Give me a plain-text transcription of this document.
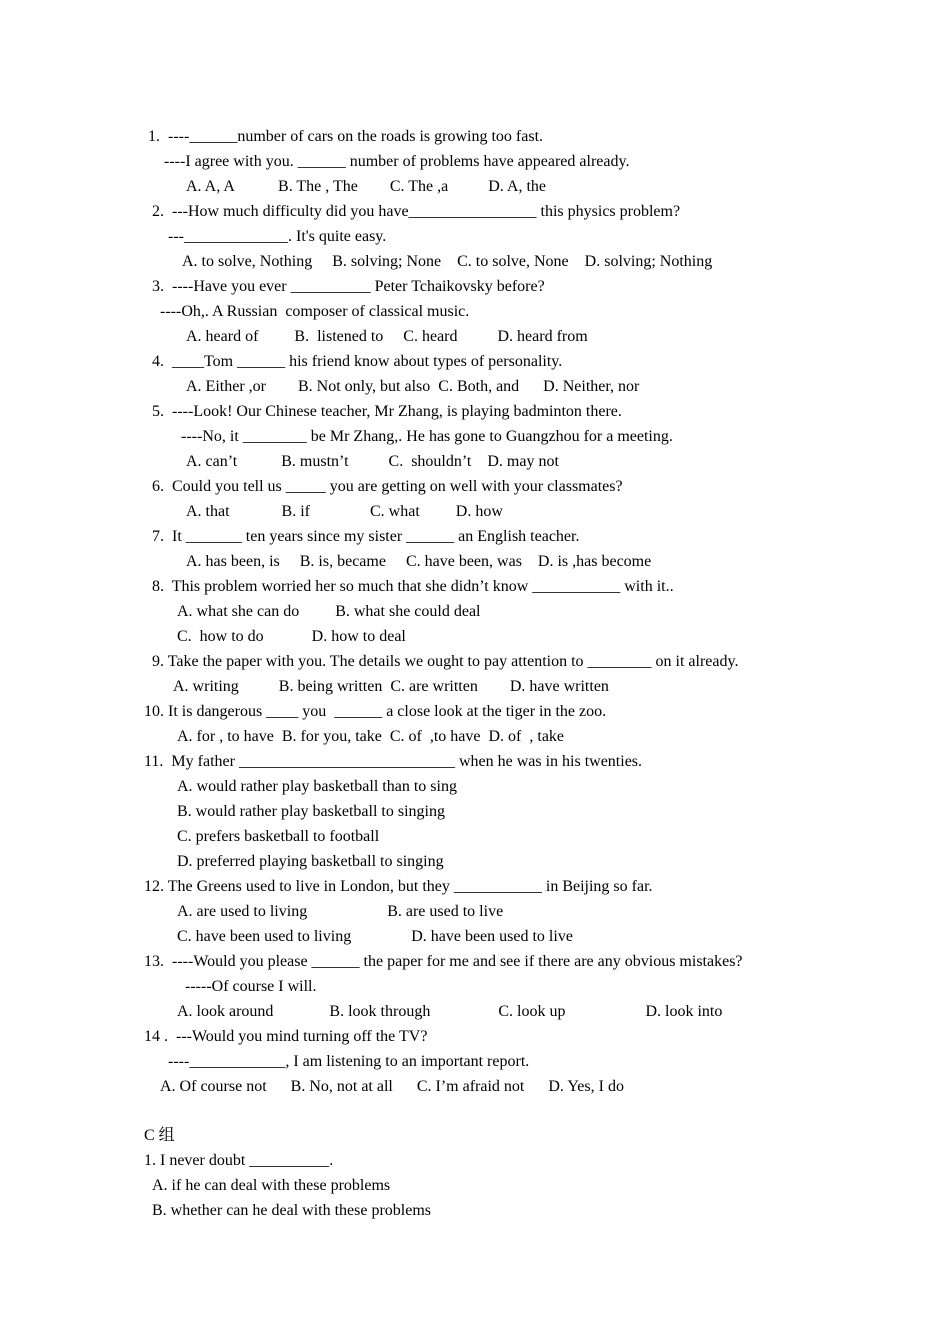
1.  ----______number of cars on the roads is growing too fast.
----I agree with you. ______ number of problems have appeared already.
A. A, A           B. The , The        C. The ,a          D. A, the
2.  ---How much difficulty did you have________________ this physics problem?
---_____________. It's quite easy.
A. to solve, Nothing     B. solving; None    C. to solve, None    D. solving; Nothing
3.  ----Have you ever __________ Peter Tchaikovsky before?
----Oh,. A Russian  composer of classical music.
A. heard of         B.  listened to     C. heard          D. heard from
4.  ____Tom ______ his friend know about types of personality.
A. Either ,or        B. Not only, but also  C. Both, and      D. Neither, nor
5.  ----Look! Our Chinese teacher, Mr Zhang, is playing badminton there.
----No, it ________ be Mr Zhang,. He has gone to Guangzhou for a meeting.
A. can’t           B. mustn’t          C.  shouldn’t    D. may not
6.  Could you tell us _____ you are getting on well with your classmates?
A. that             B. if               C. what         D. how
7.  It _______ ten years since my sister ______ an English teacher.
A. has been, is     B. is, became     C. have been, was    D. is ,has become
8.  This problem worried her so much that she didn’t know ___________ with it..
A. what she can do         B. what she could deal
C.  how to do            D. how to deal
9. Take the paper with you. The details we ought to pay attention to ________ on it already.
A. writing          B. being written  C. are written        D. have written
10. It is dangerous ____ you  ______ a close look at the tiger in the zoo.
A. for , to have  B. for you, take  C. of  ,to have  D. of  , take
11.  My father ___________________________ when he was in his twenties.
A. would rather play basketball than to sing
B. would rather play basketball to singing
C. prefers basketball to football
D. preferred playing basketball to singing
12. The Greens used to live in London, but they ___________ in Beijing so far.
A. are used to living                    B. are used to live
C. have been used to living               D. have been used to live
13.  ----Would you please ______ the paper for me and see if there are any obvious mistakes?
-----Of course I will.
A. look around              B. look through                 C. look up                    D. look into
14 .  ---Would you mind turning off the TV?
----____________, I am listening to an important report.
A. Of course not      B. No, not at all      C. I’m afraid not      D. Yes, I do
C 组
1. I never doubt __________.
A. if he can deal with these problems
B. whether can he deal with these problems
